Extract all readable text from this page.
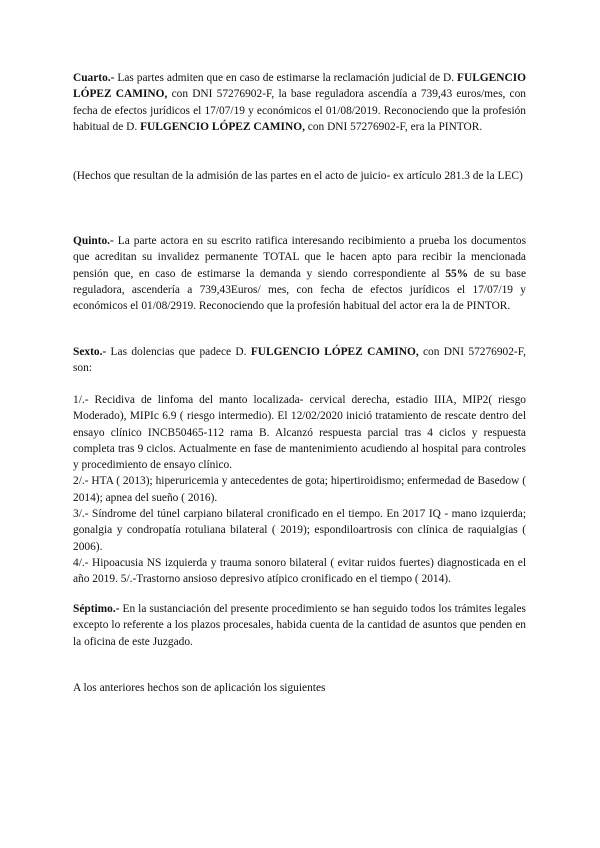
Cuarto.- Las partes admiten que en caso de estimarse la reclamación judicial de D. FULGENCIO LÓPEZ CAMINO, con DNI 57276902-F, la base reguladora ascendía a 739,43 euros/mes, con fecha de efectos jurídicos el 17/07/19 y económicos el 01/08/2019. Reconociendo que la profesión habitual de D. FULGENCIO LÓPEZ CAMINO, con DNI 57276902-F, era la PINTOR.

(Hechos que resultan de la admisión de las partes en el acto de juicio- ex artículo 281.3 de la LEC)

Quinto.- La parte actora en su escrito ratifica interesando recibimiento a prueba los documentos que acreditan su invalidez permanente TOTAL que le hacen apto para recibir la mencionada pensión que, en caso de estimarse la demanda y siendo correspondiente al 55% de su base reguladora, ascendería a 739,43Euros/ mes, con fecha de efectos jurídicos el 17/07/19 y económicos el 01/08/2919. Reconociendo que la profesión habitual del actor era la de PINTOR.

Sexto.- Las dolencias que padece D. FULGENCIO LÓPEZ CAMINO, con DNI 57276902-F, son:

1/.- Recidiva de linfoma del manto localizada- cervical derecha, estadio IIIA, MIP2( riesgo Moderado), MIPIc 6.9 ( riesgo intermedio). El 12/02/2020 inició tratamiento de rescate dentro del ensayo clínico INCB50465-112 rama B. Alcanzó respuesta parcial tras 4 ciclos y respuesta completa tras 9 ciclos. Actualmente en fase de mantenimiento acudiendo al hospital para controles y procedimiento de ensayo clínico.

2/.- HTA ( 2013); hiperuricemia y antecedentes de gota; hipertiroidismo; enfermedad de Basedow ( 2014); apnea del sueño ( 2016).

3/.- Síndrome del túnel carpiano bilateral cronificado en el tiempo. En 2017 IQ - mano izquierda; gonalgia y condropatía rotuliana bilateral ( 2019); espondiloartrosis con clínica de raquialgias ( 2006).

4/.- Hipoacusia NS izquierda y trauma sonoro bilateral ( evitar ruidos fuertes) diagnosticada en el año 2019. 5/.-Trastorno ansioso depresivo atípico cronificado en el tiempo ( 2014).

Séptimo.- En la sustanciación del presente procedimiento se han seguido todos los trámites legales excepto lo referente a los plazos procesales, habida cuenta de la cantidad de asuntos que penden en la oficina de este Juzgado.

A los anteriores hechos son de aplicación los siguientes
